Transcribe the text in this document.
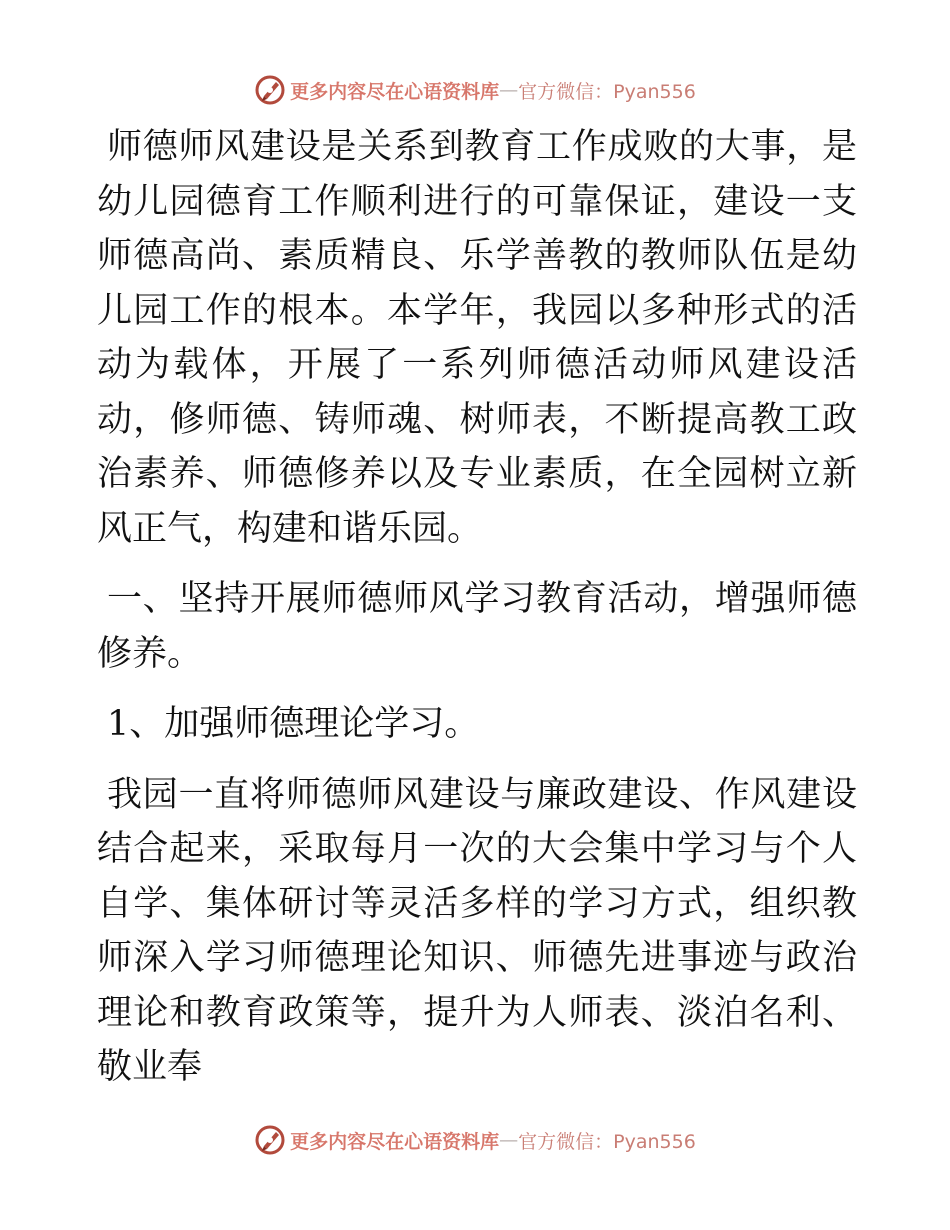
更多内容尽在心语资料库 — 官方微信：Pyan556

师德师风建设是关系到教育工作成败的大事，是幼儿园德育工作顺利进行的可靠保证，建设一支师德高尚、素质精良、乐学善教的教师队伍是幼儿园工作的根本。本学年，我园以多种形式的活动为载体，开展了一系列师德活动师风建设活动，修师德、铸师魂、树师表，不断提高教工政治素养、师德修养以及专业素质，在全园树立新风正气，构建和谐乐园。

一、坚持开展师德师风学习教育活动，增强师德修养。

1、加强师德理论学习。

我园一直将师德师风建设与廉政建设、作风建设结合起来，采取每月一次的大会集中学习与个人自学、集体研讨等灵活多样的学习方式，组织教师深入学习师德理论知识、师德先进事迹与政治理论和教育政策等，提升为人师表、淡泊名利、敬业奉

更多内容尽在心语资料库 — 官方微信：Pyan556
